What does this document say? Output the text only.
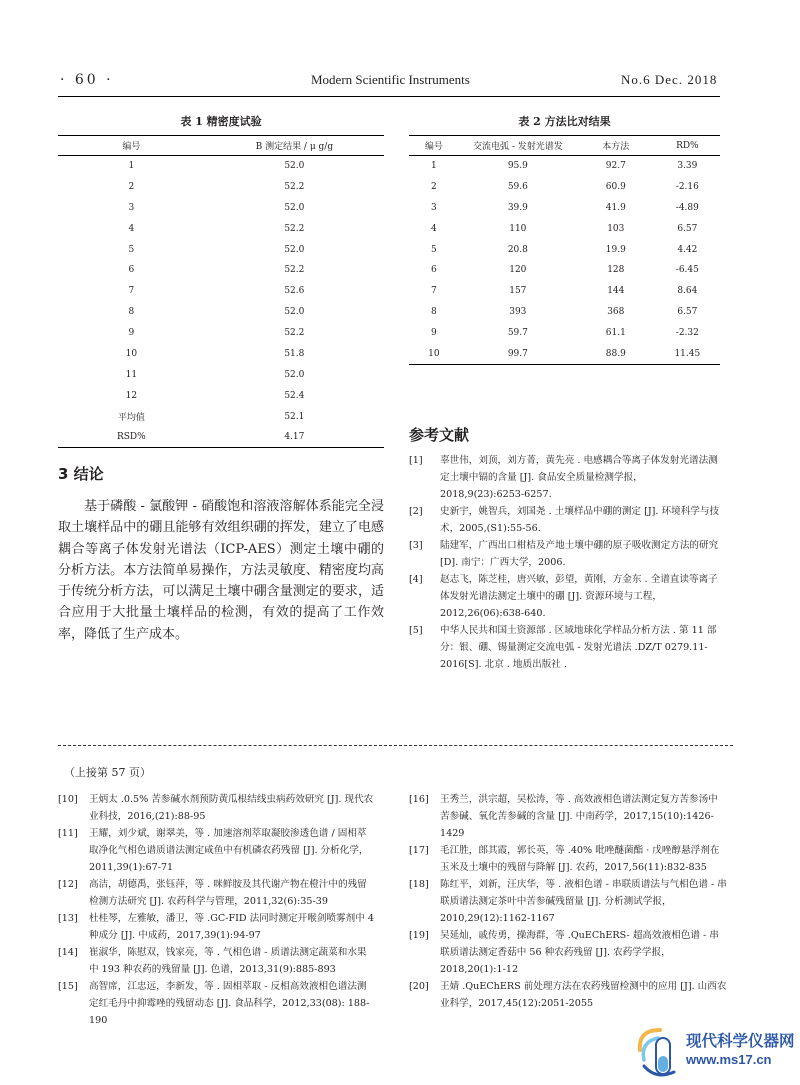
· 60 ·	Modern Scientific Instruments	No.6 Dec. 2018
表 1 精密度试验
编号	B 测定结果 / μ g/g
1	52.0
2	52.2
3	52.0
4	52.2
5	52.0
6	52.2
7	52.6
8	52.0
9	52.2
10	51.8
11	52.0
12	52.4
平均值	52.1
RSD%	4.17
表 2 方法比对结果
编号	交流电弧 - 发射光谱发	本方法	RD%
1	95.9	92.7	3.39
2	59.6	60.9	-2.16
3	39.9	41.9	-4.89
4	110	103	6.57
5	20.8	19.9	4.42
6	120	128	-6.45
7	157	144	8.64
8	393	368	6.57
9	59.7	61.1	-2.32
10	99.7	88.9	11.45
3 结论

基于磷酸 - 氯酸钾 - 硝酸饱和溶液溶解体系能完全浸取土壤样品中的硼且能够有效组织硼的挥发，建立了电感耦合等离子体发射光谱法（ICP-AES）测定土壤中硼的分析方法。本方法简单易操作，方法灵敏度、精密度均高于传统分析方法，可以满足土壤中硼含量测定的要求，适合应用于大批量土壤样品的检测，有效的提高了工作效率，降低了生产成本。

参考文献
[1] 辜世伟，刘顶，刘方菁，黄先亮 . 电感耦合等离子体发射光谱法测定土壤中镉的含量 [J]. 食品安全质量检测学报，2018,9(23):6253-6257.
[2] 史新宇，姚智兵，刘国尧 . 土壤样品中硼的测定 [J]. 环境科学与技术，2005,(S1):55-56.
[3] 陆建军，广西出口柑桔及产地土壤中硼的原子吸收测定方法的研究 [D]. 南宁：广西大学，2006.
[4] 赵志飞，陈芝桂，唐兴敏，彭望，黄刚，方金东 . 全谱直读等离子体发射光谱法测定土壤中的硼 [J]. 资源环境与工程，2012,26(06):638-640.
[5] 中华人民共和国土资源部 . 区域地球化学样品分析方法 . 第 11 部分：银、硼、锡量测定交流电弧 - 发射光谱法 .DZ/T 0279.11-2016[S]. 北京 . 地质出版社 .
（上接第 57 页）
[10] 王炳太 .0.5% 苦参碱水剂预防黄瓜根结线虫病药效研究 [J]. 现代农业科技，2016,(21):88-95
[11] 王耀，刘少斌，谢翠美，等 . 加速溶剂萃取凝胶渗透色谱 / 固相萃取净化气相色谱质谱法测定咸鱼中有机磷农药残留 [J]. 分析化学，2011,39(1):67-71
[12] 高洁，胡德禹，张钰萍，等 . 咪鲜胺及其代谢产物在橙汁中的残留检测方法研究 [J]. 农药科学与管理，2011,32(6):35-39
[13] 杜桂琴，左雅敏，潘卫，等 .GC-FID 法同时测定开喉剑喷雾剂中 4 种成分 [J]. 中成药，2017,39(1):94-97
[14] 崔淑华，陈慰双，钱家亮，等 . 气相色谱 - 质谱法测定蔬菜和水果中 193 种农药的残留量 [J]. 色谱，2013,31(9):885-893
[15] 高智席，江忠远，李新发，等 . 固相萃取 - 反相高效液相色谱法测定红毛丹中抑霉唑的残留动态 [J]. 食品科学，2012,33(08): 188-190
[16] 王秀兰，洪宗超，吴松涛，等 . 高效液相色谱法测定复方苦参汤中苦参碱、氧化苦参碱的含量 [J]. 中南药学，2017,15(10):1426-1429
[17] 毛江胜，郎其霞，郭长英，等 .40% 吡唑醚菌酯 · 戊唑醇悬浮剂在玉米及土壤中的残留与降解 [J]. 农药，2017,56(11):832-835
[18] 陈红平，刘新，汪庆华，等 . 液相色谱 - 串联质谱法与气相色谱 - 串联质谱法测定茶叶中苦参碱残留量 [J]. 分析测试学报，2010,29(12):1162-1167
[19] 吴延灿，戚传勇，操海群，等 .QuEChERS- 超高效液相色谱 - 串联质谱法测定香菇中 56 种农药残留 [J]. 农药学学报，2018,20(1):1-12
[20] 王婧 .QuEChERS 前处理方法在农药残留检测中的应用 [J]. 山西农业科学，2017,45(12):2051-2055
现代科学仪器网
www.ms17.cn
